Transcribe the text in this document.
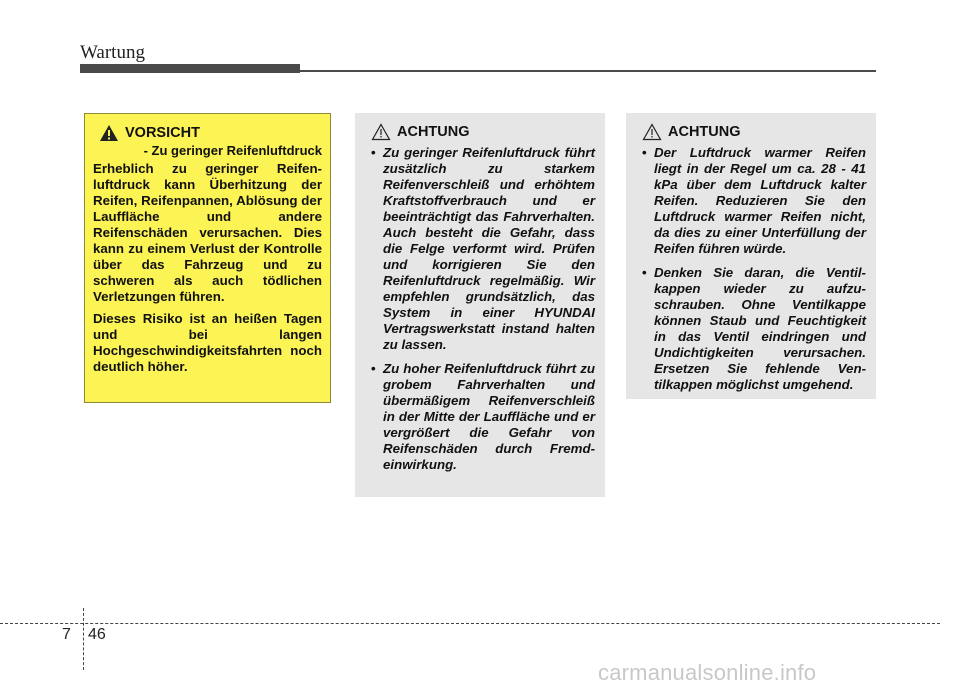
Wartung
VORSICHT
- Zu geringer Reifenluftdruck

Erheblich zu geringer Reifen-luftdruck kann Überhitzung der Reifen, Reifenpannen, Ablösung der Lauffläche und andere Reifenschäden verursachen. Dies kann zu einem Verlust der Kontrolle über das Fahrzeug und zu schweren als auch tödlichen Verletzungen führen.

Dieses Risiko ist an heißen Tagen und bei langen Hochgeschwindigkeitsfahrten noch deutlich höher.

ACHTUNG
• Zu geringer Reifenluftdruck führt zusätzlich zu starkem Reifenverschleiß und erhöhtem Kraftstoffverbrauch und er beeinträchtigt das Fahrverhalten. Auch besteht die Gefahr, dass die Felge verformt wird. Prüfen und korrigieren Sie den Reifenluftdruck regelmäßig. Wir empfehlen grundsätzlich, das System in einer HYUNDAI Vertragswerkstatt instand halten zu lassen.
• Zu hoher Reifenluftdruck führt zu grobem Fahrverhalten und übermäßigem Reifenverschleiß in der Mitte der Lauffläche und er vergrößert die Gefahr von Reifenschäden durch Fremd-einwirkung.
ACHTUNG
• Der Luftdruck warmer Reifen liegt in der Regel um ca. 28 - 41 kPa über dem Luftdruck kalter Reifen. Reduzieren Sie den Luftdruck warmer Reifen nicht, da dies zu einer Unterfüllung der Reifen führen würde.
• Denken Sie daran, die Ventil-kappen wieder zu aufzu-schrauben. Ohne Ventilkappe können Staub und Feuchtigkeit in das Ventil eindringen und Undichtigkeiten verursachen. Ersetzen Sie fehlende Ven-tilkappen möglichst umgehend.
7 46
carmanualsonline.info
